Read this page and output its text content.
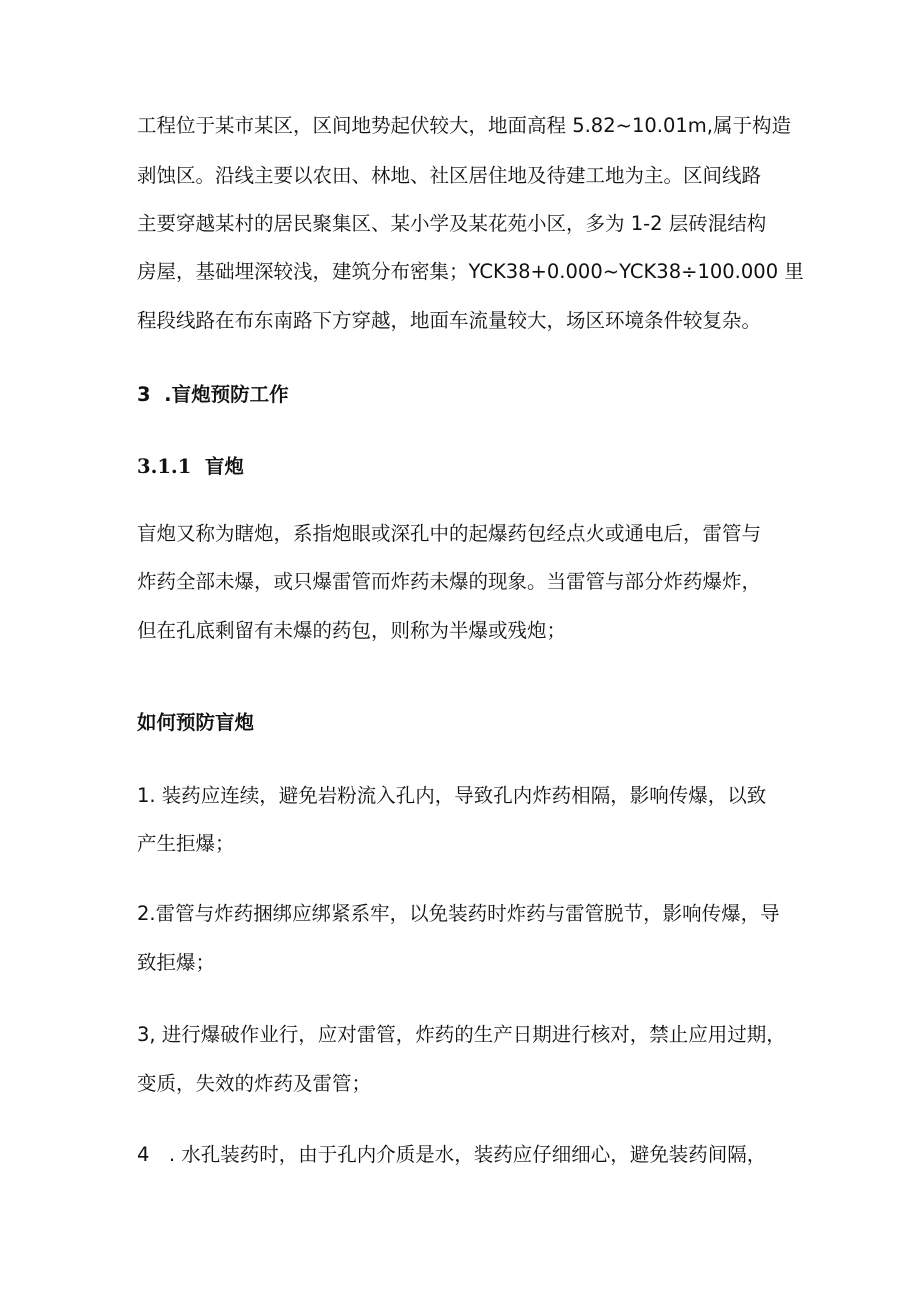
工程位于某市某区，区间地势起伏较大，地面高程 5.82~10.01m,属于构造
剥蚀区。沿线主要以农田、林地、社区居住地及待建工地为主。区间线路
主要穿越某村的居民聚集区、某小学及某花苑小区，多为 1-2 层砖混结构
房屋，基础埋深较浅，建筑分布密集；YCK38+0.000~YCK38÷100.000 里
程段线路在布东南路下方穿越，地面车流量较大，场区环境条件较复杂。
3 .盲炮预防工作
3.1.1 盲炮
盲炮又称为瞎炮，系指炮眼或深孔中的起爆药包经点火或通电后，雷管与
炸药全部未爆，或只爆雷管而炸药未爆的现象。当雷管与部分炸药爆炸，
但在孔底剩留有未爆的药包，则称为半爆或残炮；
如何预防盲炮
1. 装药应连续，避免岩粉流入孔内，导致孔内炸药相隔，影响传爆，以致
产生拒爆；
2.雷管与炸药捆绑应绑紧系牢，以免装药时炸药与雷管脱节，影响传爆，导
致拒爆；
3, 进行爆破作业行，应对雷管，炸药的生产日期进行核对，禁止应用过期，
变质，失效的炸药及雷管；
4　. 水孔装药时，由于孔内介质是水，装药应仔细细心，避免装药间隔，
